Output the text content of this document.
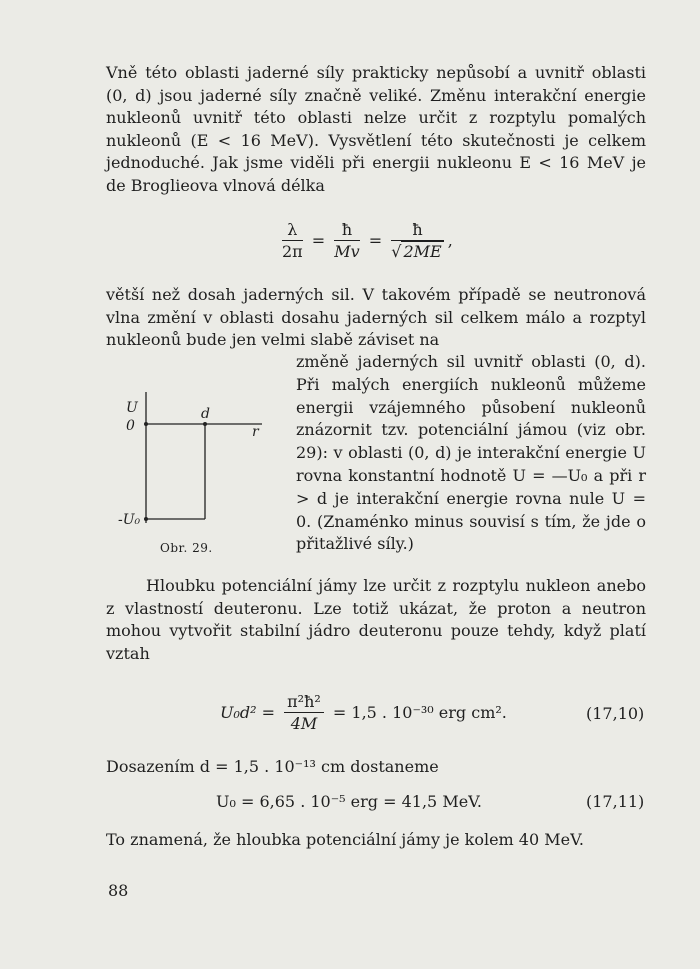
Vně této oblasti jaderné síly prakticky nepůsobí a uvnitř oblasti (0, d) jsou jaderné síly značně veliké. Změnu interakční energie nukleonů uvnitř této oblasti nelze určit z rozptylu pomalých nukleonů (E < 16 MeV). Vysvětlení této skutečnosti je celkem jednoduché. Jak jsme viděli při energii nukleonu E < 16 MeV je de Broglieova vlnová délka

$\frac{\lambda}{2\pi} = \frac{ħ}{Mv} = \frac{ħ}{√ 2ME}$ ,

větší než dosah jaderných sil. V takovém případě se neutronová vlna změní v oblasti dosahu jaderných sil celkem málo a rozptyl nukleonů bude jen velmi slabě záviset na

změně jaderných sil uvnitř oblasti (0, d). Při malých energiích nukleonů můžeme energii vzájemného působení nukleonů znázornit tzv. potenciální jámou (viz obr. 29): v oblasti (0, d) je interakční energie U rovna konstantní hodnotě U = —U₀ a při r > d je interakční energie rovna nule U = 0. (Znaménko minus souvisí s tím, že jde o přitažlivé síly.)

U
0
d
r
-U₀
Obr. 29.

Hloubku potenciální jámy lze určit z rozptylu nukleon anebo z vlastností deuteronu. Lze totiž ukázat, že proton a neutron mohou vytvořit stabilní jádro deuteronu pouze tehdy, když platí vztah

$U_0d^2 = \frac{\text{π²ħ²}}{4M} = 1,5$ . 10⁻³⁰ erg cm².	(17,10)
Dosazením d = 1,5 . 10⁻¹³ cm dostaneme
U₀ = 6,65 . 10⁻⁵ erg = 41,5 MeV.	(17,11)
To znamená, že hloubka potenciální jámy je kolem 40 MeV.
88
